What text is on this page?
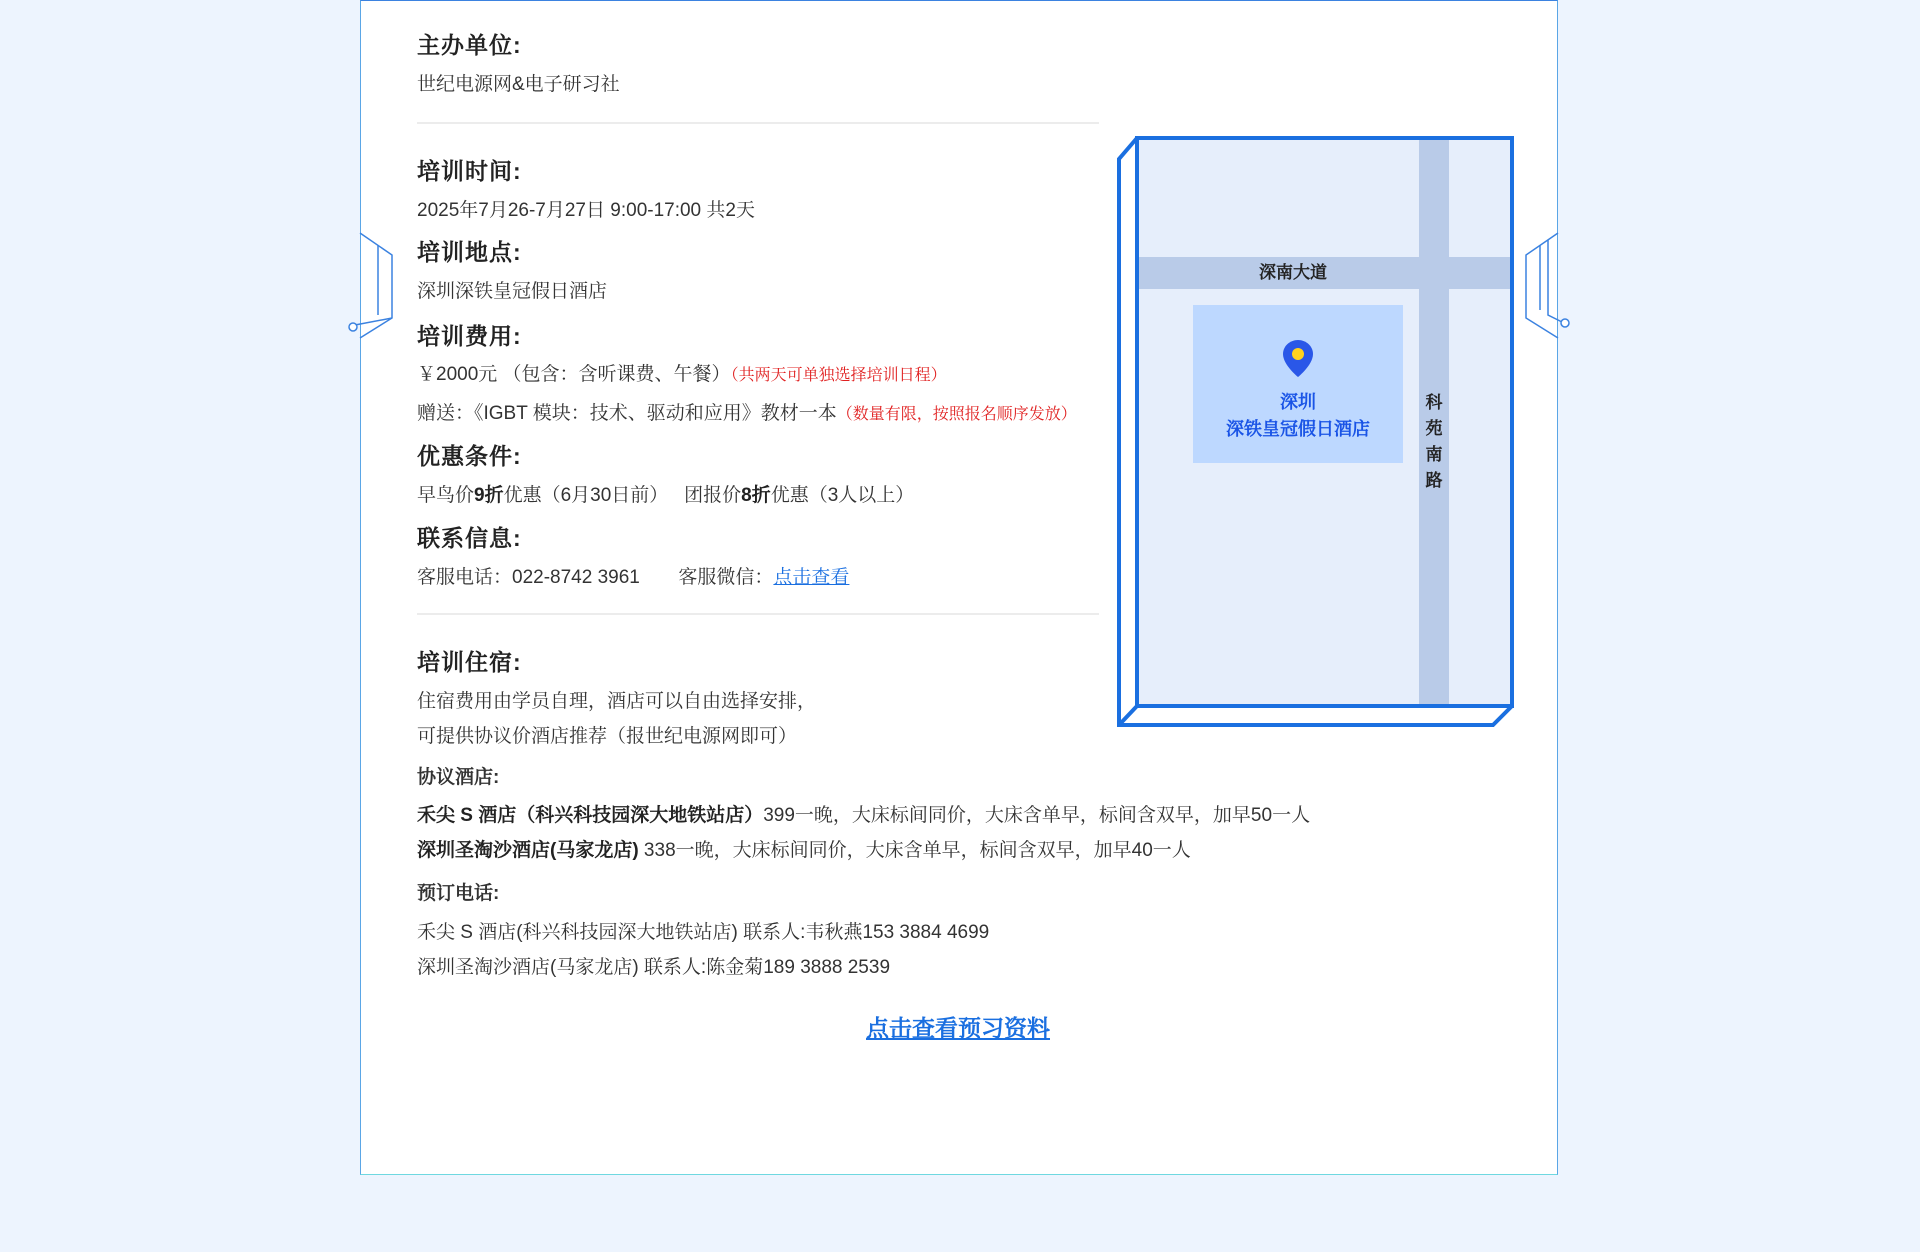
主办单位:
世纪电源网&电子研习社
培训时间:
2025年7月26-7月27日 9:00-17:00 共2天
培训地点:
深圳深铁皇冠假日酒店
培训费用:
￥2000元 （包含：含听课费、午餐）（共两天可单独选择培训日程）
赠送：《IGBT 模块：技术、驱动和应用》教材一本（数量有限，按照报名顺序发放）
优惠条件:
早鸟价9折优惠（6月30日前） 团报价8折优惠（3人以上）
联系信息:
客服电话：022-8742 3961 客服微信：点击查看
培训住宿:
住宿费用由学员自理，酒店可以自由选择安排，
可提供协议价酒店推荐（报世纪电源网即可）
协议酒店:
禾尖 S 酒店（科兴科技园深大地铁站店）399一晚，大床标间同价，大床含单早，标间含双早，加早50一人
深圳圣淘沙酒店(马家龙店) 338一晚，大床标间同价，大床含单早，标间含双早，加早40一人
预订电话:
禾尖 S 酒店(科兴科技园深大地铁站店) 联系人:韦秋燕153 3884 4699
深圳圣淘沙酒店(马家龙店) 联系人:陈金菊189 3888 2539
点击查看预习资料
深南大道
科
苑
南
路
深圳
深铁皇冠假日酒店
